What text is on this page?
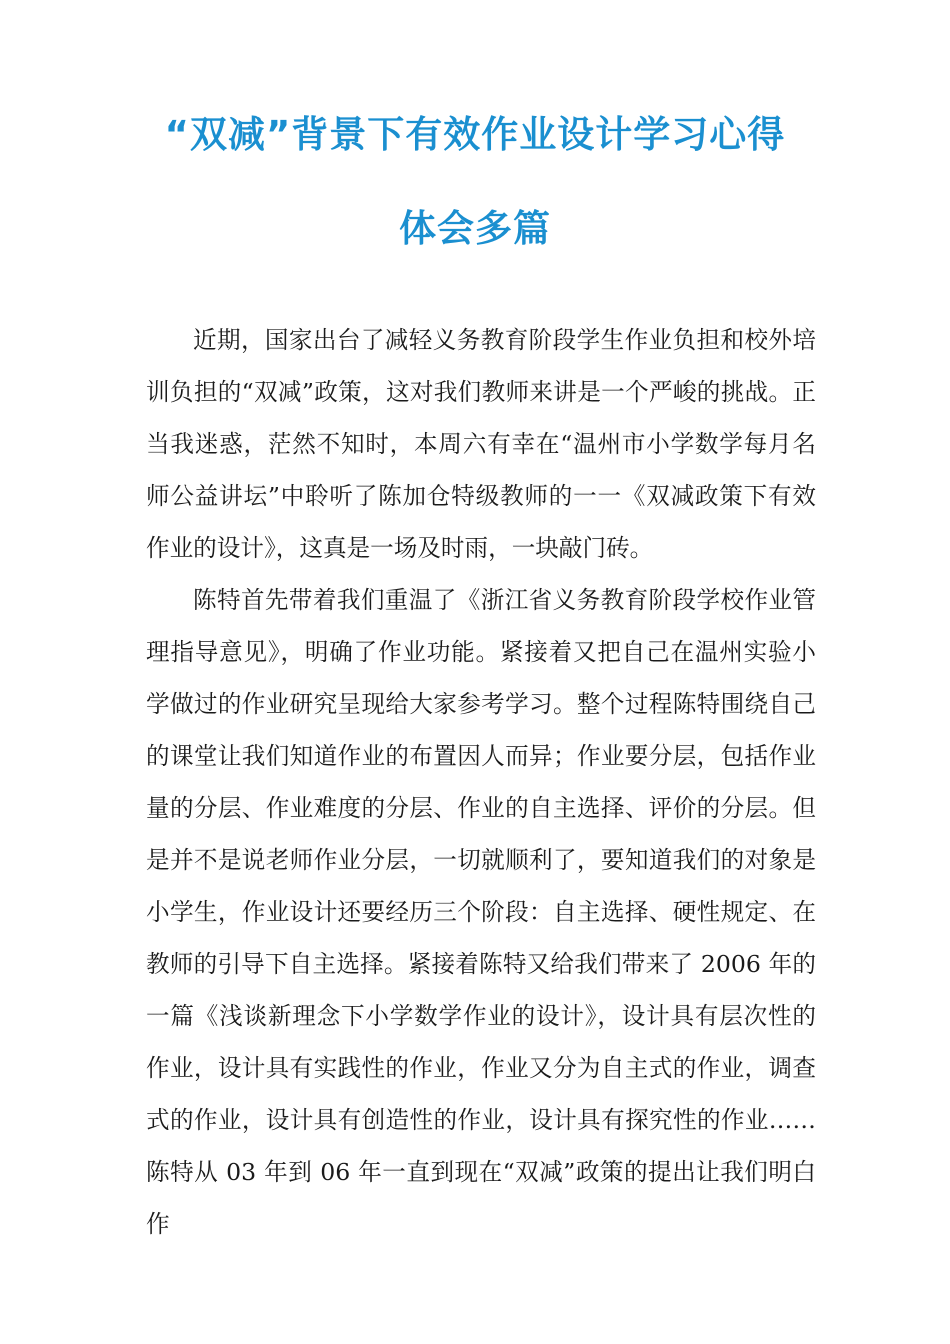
“双减”背景下有效作业设计学习心得
体会多篇

近期，国家出台了减轻义务教育阶段学生作业负担和校外培训负担的“双减”政策，这对我们教师来讲是一个严峻的挑战。正当我迷惑，茫然不知时，本周六有幸在“温州市小学数学每月名师公益讲坛”中聆听了陈加仓特级教师的一一《双减政策下有效作业的设计》，这真是一场及时雨，一块敲门砖。

陈特首先带着我们重温了《浙江省义务教育阶段学校作业管理指导意见》，明确了作业功能。紧接着又把自己在温州实验小学做过的作业研究呈现给大家参考学习。整个过程陈特围绕自己的课堂让我们知道作业的布置因人而异；作业要分层，包括作业量的分层、作业难度的分层、作业的自主选择、评价的分层。但是并不是说老师作业分层，一切就顺利了，要知道我们的对象是小学生，作业设计还要经历三个阶段：自主选择、硬性规定、在教师的引导下自主选择。紧接着陈特又给我们带来了 2006 年的一篇《浅谈新理念下小学数学作业的设计》，设计具有层次性的作业，设计具有实践性的作业，作业又分为自主式的作业，调查式的作业，设计具有创造性的作业，设计具有探究性的作业……陈特从 03 年到 06 年一直到现在“双减”政策的提出让我们明白作
